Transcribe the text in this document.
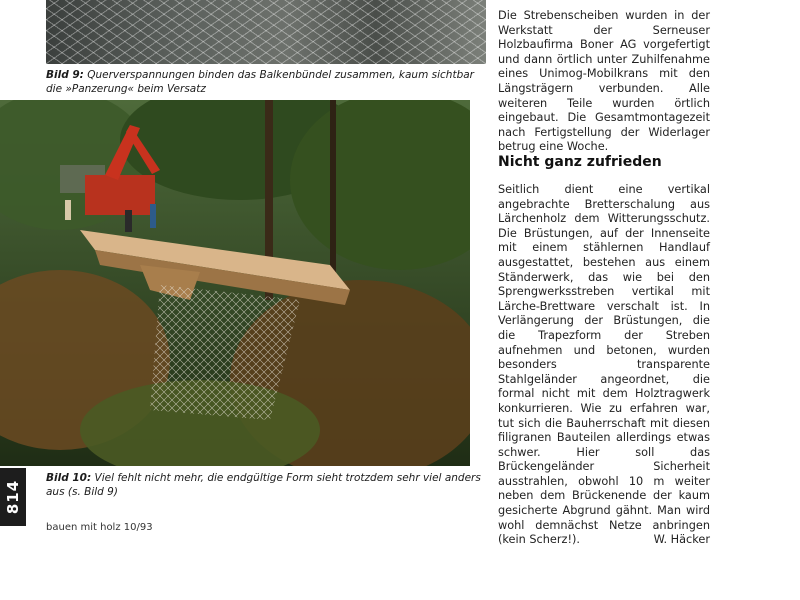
Bild 9: Querverspannungen binden das Balkenbündel zusammen, kaum sichtbar die »Panzerung« beim Versatz
Bild 10: Viel fehlt nicht mehr, die endgültige Form sieht trotzdem sehr viel anders aus (s. Bild 9)
814
bauen mit holz 10/93
Die Strebenscheiben wurden in der Werkstatt der Serneuser Holzbaufirma Boner AG vorgefertigt und dann örtlich unter Zuhilfenahme eines Unimog-Mobilkrans mit den Längsträgern verbunden. Alle weiteren Teile wurden örtlich eingebaut. Die Gesamtmontagezeit nach Fertigstellung der Widerlager betrug eine Woche.
Nicht ganz zufrieden
Seitlich dient eine vertikal angebrachte Bretterschalung aus Lärchenholz dem Witterungsschutz. Die Brüstungen, auf der Innenseite mit einem stählernen Handlauf ausgestattet, bestehen aus einem Ständerwerk, das wie bei den Sprengwerksstreben vertikal mit Lärche-Brettware verschalt ist. In Verlängerung der Brüstungen, die die Trapezform der Streben aufnehmen und betonen, wurden besonders transparente Stahlgeländer angeordnet, die formal nicht mit dem Holztragwerk konkurrieren. Wie zu erfahren war, tut sich die Bauherrschaft mit diesen filigranen Bauteilen allerdings etwas schwer. Hier soll das Brückengeländer Sicherheit ausstrahlen, obwohl 10 m weiter neben dem Brückenende der kaum gesicherte Abgrund gähnt. Man wird wohl demnächst Netze anbringen (kein Scherz!).	W. Häcker
